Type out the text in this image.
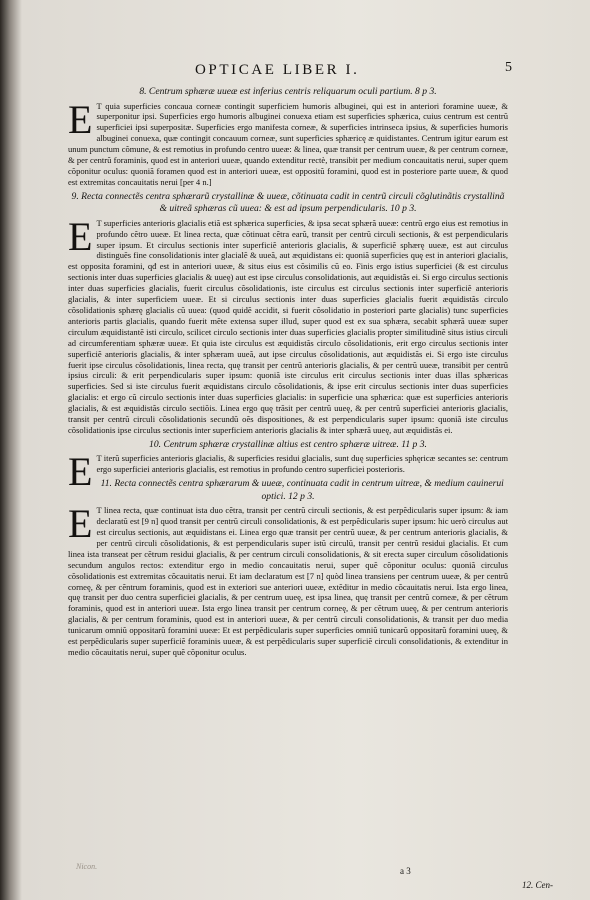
OPTICAE LIBER I.	5
8. Centrum sphæræ uueæ est inferius centris reliquarum oculi partium. 8 p 3.

E T quia superficies concaua corneæ contingit superficiem humoris albuginei, qui est in anteriori foramine uueæ, & superponitur ipsi. Superficies ergo humoris albuginei conuexa etiam est superficies sphærica, cuius centrum est centrũ superficiei ipsi superpositæ. Superficies ergo manifesta corneæ, & superficies intrinseca ipsius, & superficies humoris albuginei conuexa, quæ contingit concauum corneæ, sunt superficies sphæricę æ quidistantes. Centrum igitur earum est unum punctum cõmune, & est remotius in profundo centro uueæ: & linea, quæ transit per centrum uueæ, & per centrum corneæ, & per centrũ foraminis, quod est in anteriori uueæ, quando extenditur rectè, transibit per medium concauitatis nerui, super quem cõponitur oculus: quoniã foramen quod est in anteriori uueæ, est oppositũ foramini, quod est in posteriore parte uueæ, & quod est extremitas concauitatis nerui [per 4 n.]

9. Recta connectẽs centra sphærarũ crystallinæ & uueæ, cõtinuata cadit in centrũ circuli cõglutinãtis crystallinã & uitreã sphæras cũ uuea: & est ad ipsum perpendicularis. 10 p 3.

E T superficies anterioris glacialis etiã est sphærica superficies, & ipsa secat sphærã uueæ: centrũ ergo eius est remotius in profundo cẽtro uueæ. Et linea recta, quæ cõtinuat cẽtra earũ, transit per centrũ circuli sectionis, & est perpendicularis super ipsum. Et circulus sectionis inter superficiẽ anterioris glacialis, & superficiẽ sphærę uueæ, est aut circulus distinguẽs fine consolidationis inter glacialẽ & uueã, aut æquidistans ei: quoniã superficies quę est in anteriori glacialis, est opposita foramini, qđ est in anteriori uueæ, & situs eius est cõsimilis cũ eo. Finis ergo istius superficiei (& est circulus sectionis inter duas superficies glacialis & uueę) aut est ipse circulus consolidationis, aut æquidistãs ei. Si ergo circulus sectionis inter duas superficies glacialis, fuerit circulus cõsolidationis, iste circulus est circulus sectionis inter superficiẽ anterioris glacialis, & inter superficiem uueæ. Et si circulus sectionis inter duas superficies glacialis fuerit æquidistãs circulo cõsolidationis sphærę glacialis cũ uuea: (quod quidẽ accidit, si fuerit cõsolidatio in posteriori parte glacialis) tunc superficies anterioris partis glacialis, quando fuerit mẽte extensa super illud, super quod est ex sua sphæra, secabit sphærã uueæ super circulum æquidistantẽ isti circulo, scilicet circulo sectionis inter duas superficies glacialis propter similitudinẽ situs istius circuli ad circumferentiam sphæræ uueæ. Et quia iste circulus est æquidistãs circulo cõsolidationis, erit ergo circulus sectionis inter superficiẽ anterioris glacialis, & inter sphæram uueã, aut ipse circulus cõsolidationis, aut æquidistãs ei. Si ergo iste circulus fuerit ipse circulus cõsolidationis, linea recta, quę transit per centrũ anterioris glacialis, & per centrũ uueæ, transibit per centrũ ipsius circuli: & erit perpendicularis super ipsum: quoniã iste circulus erit circulus sectionis inter duas illas sphæricas superficies. Sed si iste circulus fuerit æquidistans circulo cõsolidationis, & ipse erit circulus sectionis inter duas superficies glacialis: et ergo cũ circulo sectionis inter duas superficies glacialis: in superficie una sphærica: quæ est superficies anterioris glacialis, & est æquidistãs circulo sectiõis. Linea ergo quę trãsit per centrũ uueę, & per centrũ superficiei anterioris glacialis, transit per centrũ circuli cõsolidationis secundũ oẽs dispositiones, & est perpendicularis super ipsum: quoniã iste circulus cõsolidationis ipse circulus sectionis inter superficiem anterioris glacialis & inter sphærã uueę, aut æquidistãs ei.

10. Centrum sphæræ crystallinæ altius est centro sphæræ uitreæ. 11 p 3.

E T iterũ superficies anterioris glacialis, & superficies residui glacialis, sunt duę superficies sphęricæ secantes se: centrum ergo superficiei anterioris glacialis, est remotius in profundo centro superficiei posterioris.

11. Recta connectẽs centra sphærarum & uueæ, continuata cadit in centrum uitreæ, & medium cauinerui optici. 12 p 3.

E T linea recta, quæ continuat ista duo cẽtra, transit per centrũ circuli sectionis, & est perpẽdicularis super ipsum: & iam declaratũ est [9 n] quod transit per centrũ circuli consolidationis, & est perpẽdicularis super ipsum: hic uerò circulus aut est circulus sectionis, aut æquidistans ei. Linea ergo quæ transit per centrũ uueæ, & per centrum anterioris glacialis, & per centrũ circuli cõsolidationis, & est perpendicularis super istũ circulũ, transit per centrũ residui glacialis. Et cum linea ista transeat per cẽtrum residui glacialis, & per centrum circuli consolidationis, & sit erecta super circulum cõsolidationis secundum angulos rectos: extenditur ergo in medio concauitatis nerui, super quẽ cõponitur oculus: quoniã circulus cõsolidationis est extremitas cõcauitatis nerui. Et iam declaratum est [7 n] quòd linea transiens per centrum uueæ, & per centrũ corneę, & per cẽntrum foraminis, quod est in exteriori sue anteriori uueæ, extẽditur in medio cõcauitatis nerui. Ista ergo linea, quę transit per duo centra superficiei glacialis, & per centrum uueę, est ipsa linea, quę transit per centrũ corneæ, & per cẽtrum foraminis, quod est in anteriori uueæ. Ista ergo linea transit per centrum corneę, & per cẽtrum uueę, & per centrum anterioris glacialis, & per centrum foraminis, quod est in anteriori uueæ, & per centrũ circuli consolidationis, & transit per duo media tunicarum omniũ oppositarũ foramini uueæ: Et est perpẽdicularis super superficies omniũ tunicarũ oppositarũ foramini uueę, & est perpẽdicularis super superficiẽ foraminis uueæ, & est perpẽdicularis super superficiẽ circuli consolidationis, & extenditur in medio cõcauitatis nerui, super quẽ cõponitur oculus.

Nicon.	a 3
12. Cen-
